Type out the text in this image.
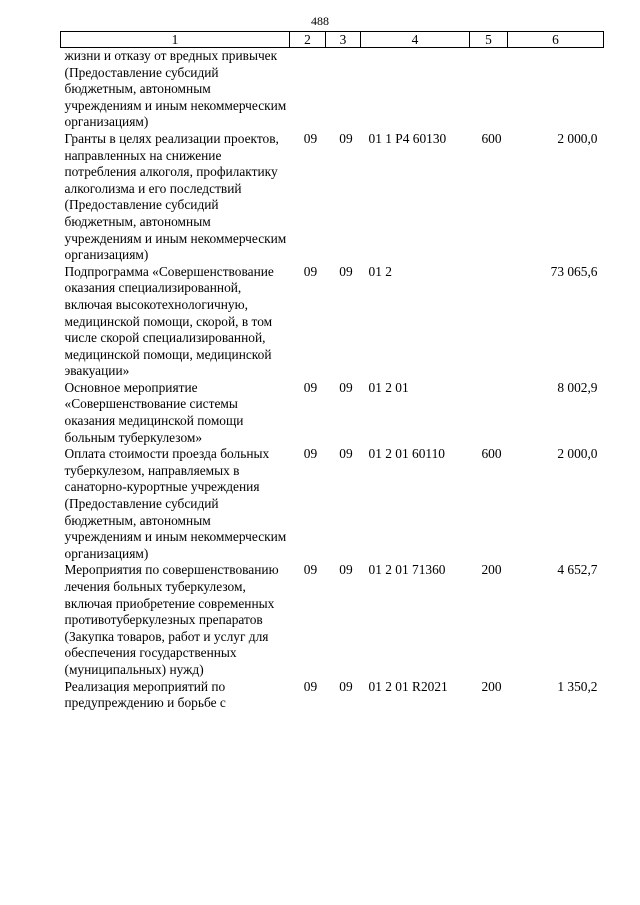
488
1	2	3	4	5	6
жизни и отказу от вредных привычек (Предоставление субсидий бюджетным, автономным учреждениям и иным некоммерческим организациям)					
Гранты в целях реализации проектов, направленных на снижение потребления алкоголя, профилактику алкоголизма и его последствий (Предоставление субсидий бюджетным, автономным учреждениям и иным некоммерческим организациям)	09	09	01 1 Р4 60130	600	2 000,0
Подпрограмма «Совершенствование оказания специализированной, включая высокотехнологичную, медицинской помощи, скорой, в том числе скорой специализированной, медицинской помощи, медицинской эвакуации»	09	09	01 2		73 065,6
Основное мероприятие «Совершенствование системы оказания медицинской помощи больным туберкулезом»	09	09	01 2 01		8 002,9
Оплата стоимости проезда больных туберкулезом, направляемых в санаторно-курортные учреждения (Предоставление субсидий бюджетным, автономным учреждениям и иным некоммерческим организациям)	09	09	01 2 01 60110	600	2 000,0
Мероприятия по совершенствованию лечения больных туберкулезом, включая приобретение современных противотуберкулезных препаратов (Закупка товаров, работ и услуг для обеспечения государственных (муниципальных) нужд)	09	09	01 2 01 71360	200	4 652,7
Реализация мероприятий по предупреждению и борьбе с	09	09	01 2 01 R2021	200	1 350,2
